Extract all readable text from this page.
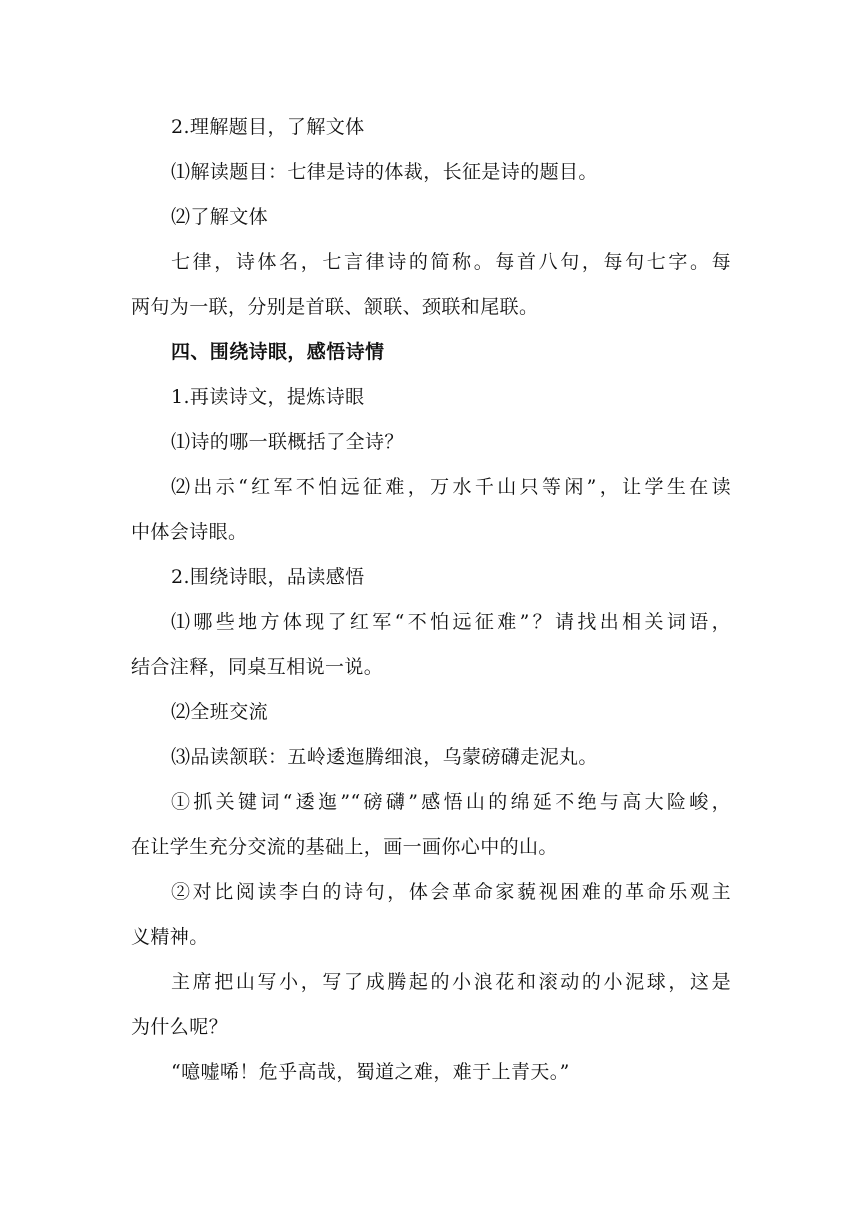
2.理解题目，了解文体
⑴解读题目：七律是诗的体裁，长征是诗的题目。
⑵了解文体
七律，诗体名，七言律诗的简称。每首八句，每句七字。每
两句为一联，分别是首联、颔联、颈联和尾联。
四、围绕诗眼，感悟诗情
1.再读诗文，提炼诗眼
⑴诗的哪一联概括了全诗？
⑵出示“红军不怕远征难，万水千山只等闲”，让学生在读
中体会诗眼。
2.围绕诗眼，品读感悟
⑴哪些地方体现了红军“不怕远征难”？请找出相关词语，
结合注释，同桌互相说一说。
⑵全班交流
⑶品读颔联：五岭逶迤腾细浪，乌蒙磅礴走泥丸。
①抓关键词“逶迤”“磅礴”感悟山的绵延不绝与高大险峻，
在让学生充分交流的基础上，画一画你心中的山。
②对比阅读李白的诗句，体会革命家藐视困难的革命乐观主
义精神。
主席把山写小，写了成腾起的小浪花和滚动的小泥球，这是
为什么呢？
“噫嘘唏！危乎高哉，蜀道之难，难于上青天。”
